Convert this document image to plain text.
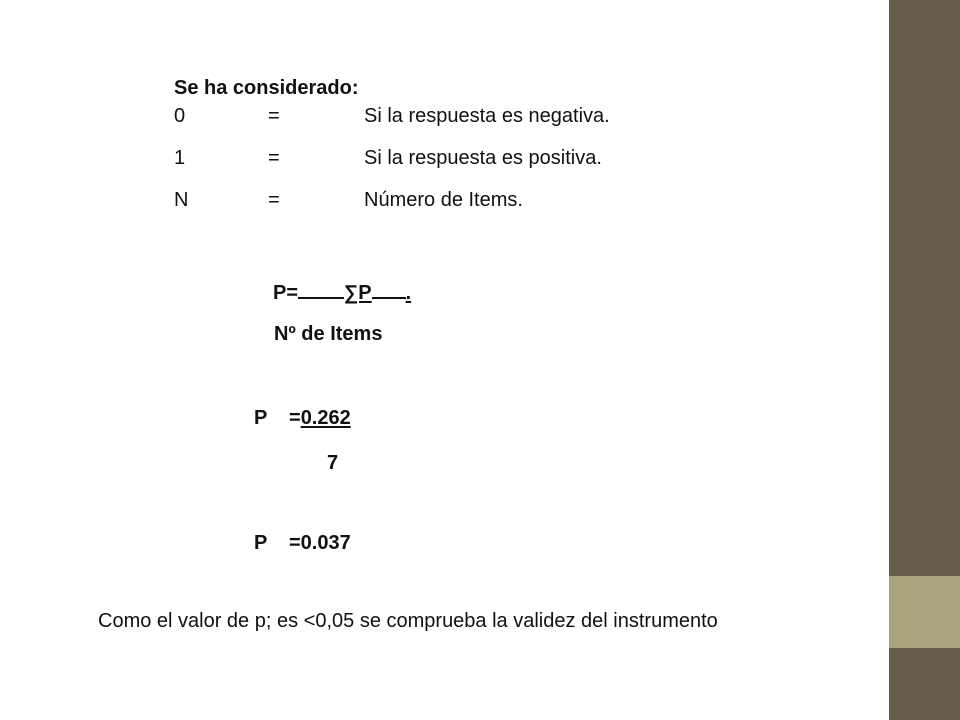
Se ha considerado:
0	=	Si la respuesta es negativa.
1	=	Si la respuesta es positiva.
N	=	Número de Items.
P= ∑P .
Nº de Items
P =0.262
7
P =0.037
Como el valor de p; es <0,05 se comprueba la validez del instrumento
